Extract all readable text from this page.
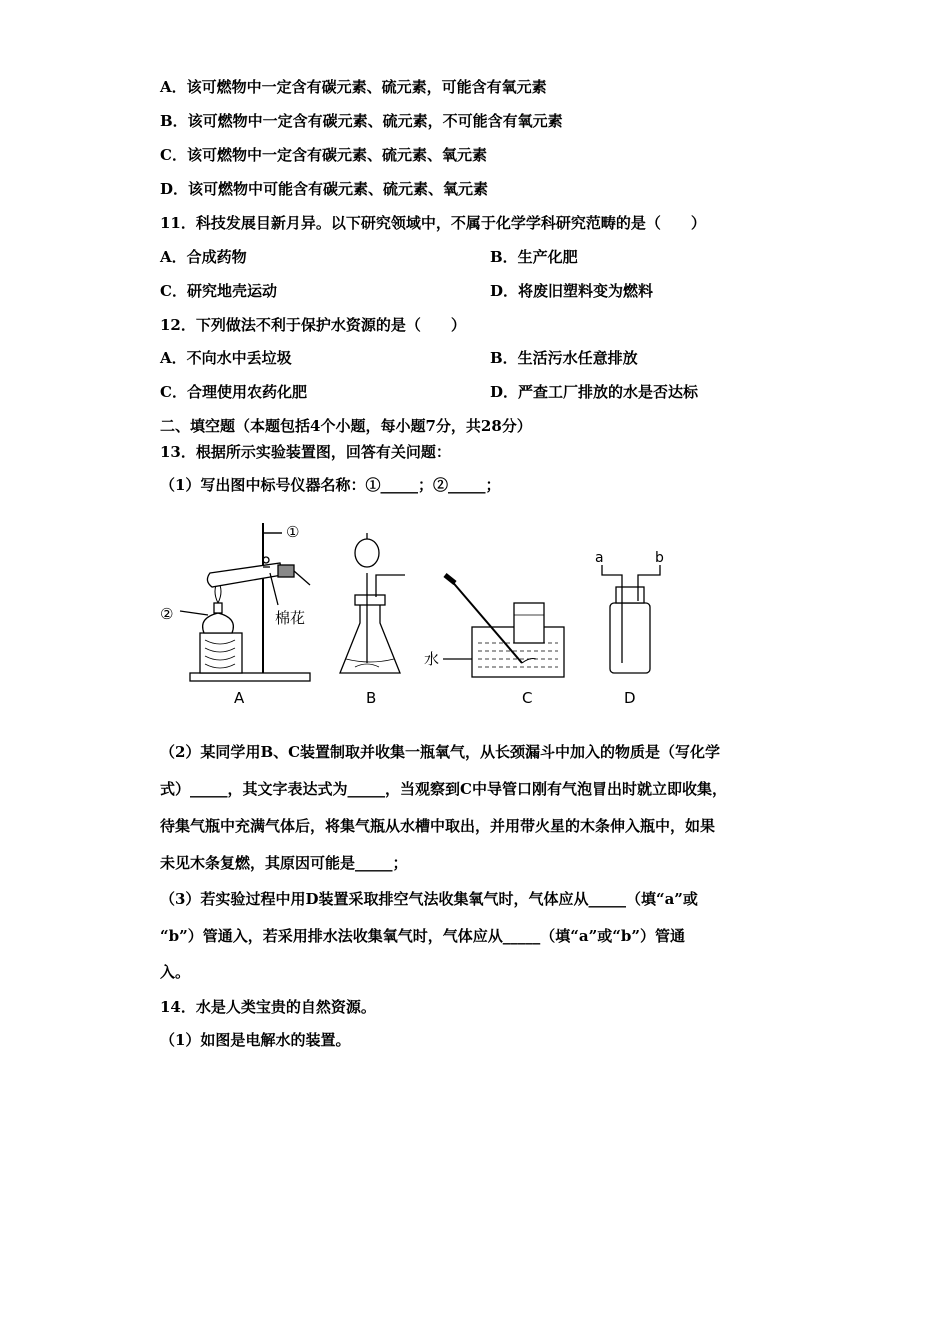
A．该可燃物中一定含有碳元素、硫元素，可能含有氧元素
B．该可燃物中一定含有碳元素、硫元素，不可能含有氧元素
C．该可燃物中一定含有碳元素、硫元素、氧元素
D．该可燃物中可能含有碳元素、硫元素、氧元素
11．科技发展目新月异。以下研究领域中，不属于化学学科研究范畴的是（　　）
A．合成药物	B．生产化肥
C．研究地壳运动	D．将废旧塑料变为燃料
12．下列做法不利于保护水资源的是（　　）
A．不向水中丢垃圾	B．生活污水任意排放
C．合理使用农药化肥	D．严查工厂排放的水是否达标
二、填空题（本题包括4个小题，每小题7分，共28分）
13．根据所示实验装置图，回答有关问题：
（1）写出图中标号仪器名称：①_____；②_____；
①
②	棉花
水
a	b
A	B	C	D
（2）某同学用B、C装置制取并收集一瓶氧气，从长颈漏斗中加入的物质是（写化学
式）_____，其文字表达式为_____，当观察到C中导管口刚有气泡冒出时就立即收集，
待集气瓶中充满气体后，将集气瓶从水槽中取出，并用带火星的木条伸入瓶中，如果
未见木条复燃，其原因可能是_____；
（3）若实验过程中用D装置采取排空气法收集氧气时，气体应从_____（填“a”或
“b”）管通入，若采用排水法收集氧气时，气体应从_____（填“a”或“b”）管通
入。
14．水是人类宝贵的自然资源。
（1）如图是电解水的装置。
